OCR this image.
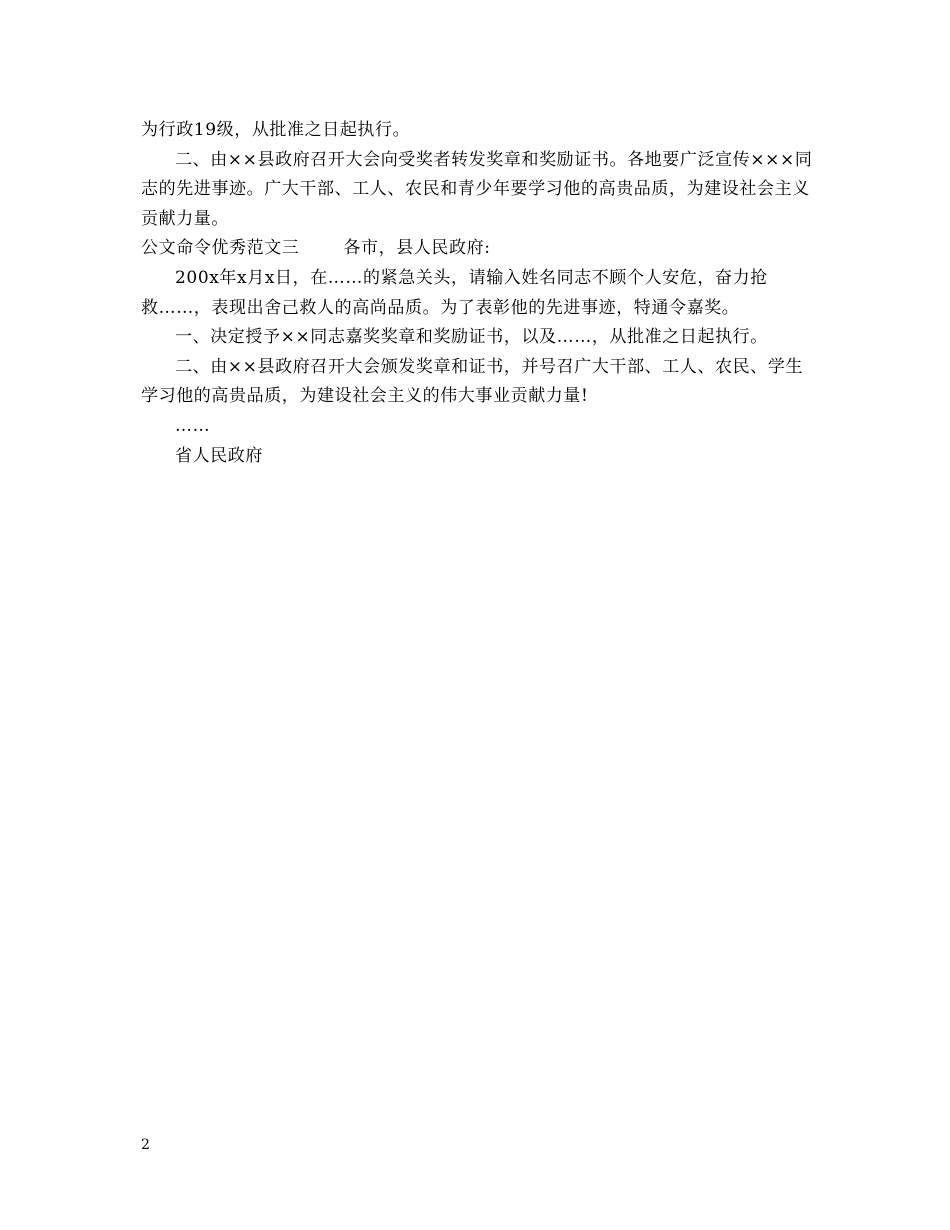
为行政19级，从批准之日起执行。

二、由××县政府召开大会向受奖者转发奖章和奖励证书。各地要广泛宣传×××同志的先进事迹。广大干部、工人、农民和青少年要学习他的高贵品质，为建设社会主义贡献力量。

公文命令优秀范文三	各市，县人民政府:

200x年x月x日，在……的紧急关头，请输入姓名同志不顾个人安危，奋力抢救……，表现出舍己救人的高尚品质。为了表彰他的先进事迹，特通令嘉奖。

一、决定授予××同志嘉奖奖章和奖励证书，以及……，从批准之日起执行。

二、由××县政府召开大会颁发奖章和证书，并号召广大干部、工人、农民、学生学习他的高贵品质，为建设社会主义的伟大事业贡献力量!

……

省人民政府

2
